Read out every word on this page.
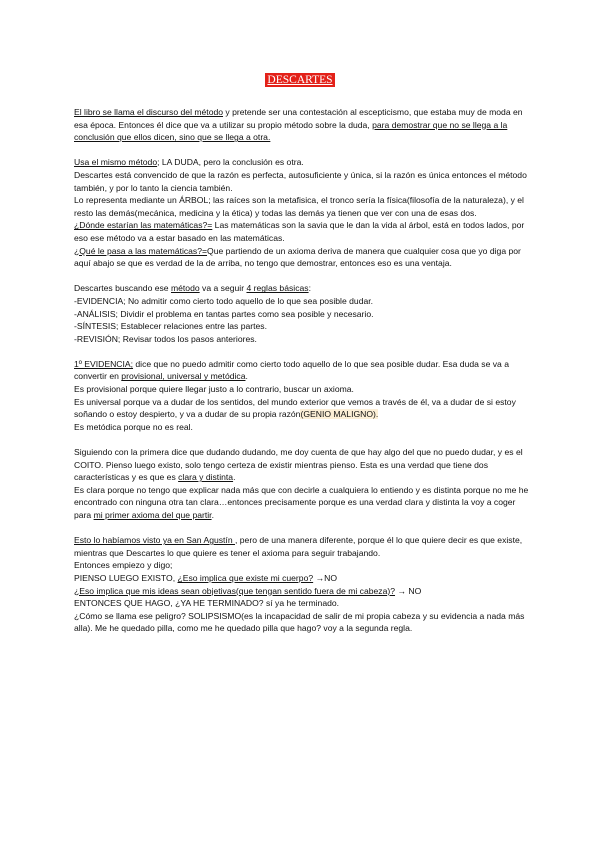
DESCARTES

El libro se llama el discurso del método y pretende ser una contestación al escepticismo, que estaba muy de moda en esa época. Entonces él dice que va a utilizar su propio método sobre la duda, para demostrar que no se llega a la conclusión que ellos dicen, sino que se llega a otra.

Usa el mismo método; LA DUDA, pero la conclusión es otra.

Descartes está convencido de que la razón es perfecta, autosuficiente y única, si la razón es única entonces el método también, y por lo tanto la ciencia también.

Lo representa mediante un ÁRBOL; las raíces son la metafisica, el tronco sería la física(filosofía de la naturaleza), y el resto las demás(mecánica, medicina y la ética) y todas las demás ya tienen que ver con una de esas dos.

¿Dónde estarían las matemáticas?= Las matemáticas son la savia que le dan la vida al árbol, está en todos lados, por eso ese método va a estar basado en las matemáticas.

¿Qué le pasa a las matemáticas?=Que partiendo de un axioma deriva de manera que cualquier cosa que yo diga por aquí abajo se que es verdad de la de arriba, no tengo que demostrar, entonces eso es una ventaja.

Descartes buscando ese método va a seguir 4 reglas básicas:

-EVIDENCIA; No admitir como cierto todo aquello de lo que sea posible dudar.

-ANÁLISIS; Dividir el problema en tantas partes como sea posible y necesario.

-SÍNTESIS; Establecer relaciones entre las partes.

-REVISIÓN; Revisar todos los pasos anteriores.

1º EVIDENCIA; dice que no puedo admitir como cierto todo aquello de lo que sea posible dudar. Esa duda se va a convertir en provisional, universal y metódica.

Es provisional porque quiere llegar justo a lo contrario, buscar un axioma.

Es universal porque va a dudar de los sentidos, del mundo exterior que vemos a través de él, va a dudar de si estoy soñando o estoy despierto, y va a dudar de su propia razón(GENIO MALIGNO).

Es metódica porque no es real.

Siguiendo con la primera dice que dudando dudando, me doy cuenta de que hay algo del que no puedo dudar, y es el COITO. Pienso luego existo, solo tengo certeza de existir mientras pienso. Esta es una verdad que tiene dos características y es que es clara y distinta.

Es clara porque no tengo que explicar nada más que con decirle a cualquiera lo entiendo y es distinta porque no me he encontrado con ninguna otra tan clara…entonces precisamente porque es una verdad clara y distinta la voy a coger para mi primer axioma del que partir.

Esto lo habíamos visto ya en San Agustín , pero de una manera diferente, porque él lo que quiere decir es que existe, mientras que Descartes lo que quiere es tener el axioma para seguir trabajando.

Entonces empiezo y digo;

PIENSO LUEGO EXISTO, ¿Eso implica que existe mi cuerpo? →NO

¿Eso implica que mis ideas sean objetivas(que tengan sentido fuera de mi cabeza)? → NO

ENTONCES QUE HAGO, ¿YA HE TERMINADO? sí ya he terminado.

¿Cómo se llama ese peligro? SOLIPSISMO(es la incapacidad de salir de mi propia cabeza y su evidencia a nada más alla). Me he quedado pilla, como me he quedado pilla que hago? voy a la segunda regla.
